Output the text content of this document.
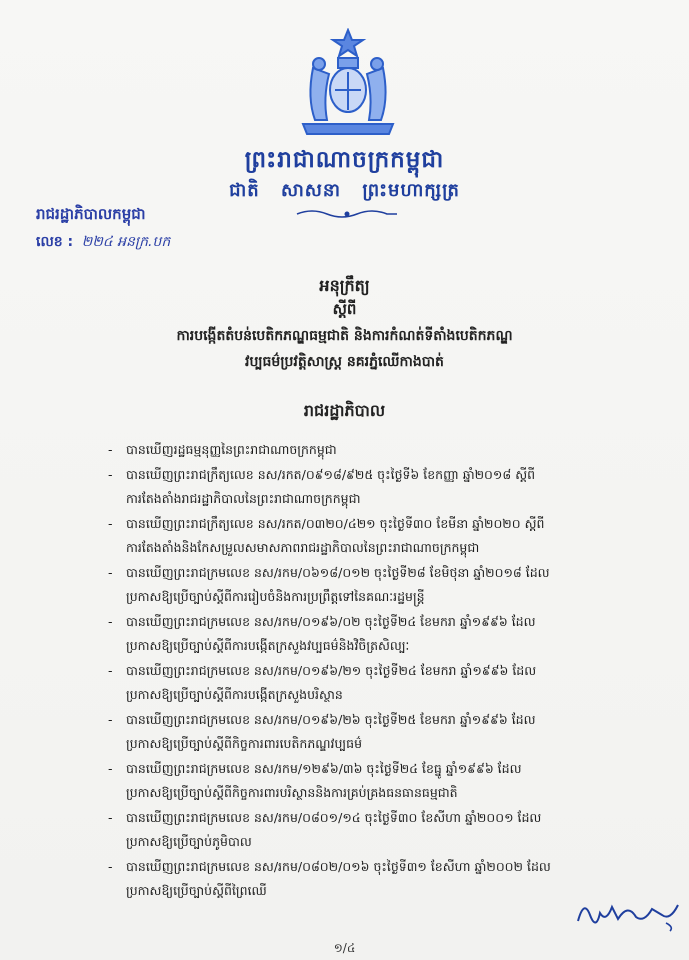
ព្រះរាជាណាចក្រកម្ពុជា
ជាតិ សាសនា ព្រះមហាក្សត្រ
រាជរដ្ឋាភិបាលកម្ពុជា
លេខ : ២២៤ អនក្រ.បក
អនុក្រឹត្យ
ស្តីពី
ការបង្កើតតំបន់បេតិកភណ្ឌធម្មជាតិ និងការកំណត់ទីតាំងបេតិកភណ្ឌ
វប្បធម៌ប្រវត្តិសាស្ត្រ នគរភ្នំឈើកាងបាត់
រាជរដ្ឋាភិបាល
- បានឃើញរដ្ឋធម្មនុញ្ញនៃព្រះរាជាណាចក្រកម្ពុជា
- បានឃើញព្រះរាជក្រឹត្យលេខ នស/រកត/០៩១៨/៩២៥ ចុះថ្ងៃទី៦ ខែកញ្ញា ឆ្នាំ២០១៨ ស្តីពី
ការតែងតាំងរាជរដ្ឋាភិបាលនៃព្រះរាជាណាចក្រកម្ពុជា
- បានឃើញព្រះរាជក្រឹត្យលេខ នស/រកត/០៣២០/៤២១ ចុះថ្ងៃទី៣០ ខែមីនា ឆ្នាំ២០២០ ស្តីពី
ការតែងតាំងនិងកែសម្រួលសមាសភាពរាជរដ្ឋាភិបាលនៃព្រះរាជាណាចក្រកម្ពុជា
- បានឃើញព្រះរាជក្រមលេខ នស/រកម/០៦១៨/០១២ ចុះថ្ងៃទី២៨ ខែមិថុនា ឆ្នាំ២០១៨ ដែល
ប្រកាសឱ្យប្រើច្បាប់ស្តីពីការរៀបចំនិងការប្រព្រឹត្តទៅនៃគណៈរដ្ឋមន្ត្រី
- បានឃើញព្រះរាជក្រមលេខ នស/រកម/០១៩៦/០២ ចុះថ្ងៃទី២៤ ខែមករា ឆ្នាំ១៩៩៦ ដែល
ប្រកាសឱ្យប្រើច្បាប់ស្តីពីការបង្កើតក្រសួងវប្បធម៌និងវិចិត្រសិល្បៈ
- បានឃើញព្រះរាជក្រមលេខ នស/រកម/០១៩៦/២១ ចុះថ្ងៃទី២៤ ខែមករា ឆ្នាំ១៩៩៦ ដែល
ប្រកាសឱ្យប្រើច្បាប់ស្តីពីការបង្កើតក្រសួងបរិស្ថាន
- បានឃើញព្រះរាជក្រមលេខ នស/រកម/០១៩៦/២៦ ចុះថ្ងៃទី២៥ ខែមករា ឆ្នាំ១៩៩៦ ដែល
ប្រកាសឱ្យប្រើច្បាប់ស្តីពីកិច្ចការពារបេតិកភណ្ឌវប្បធម៌
- បានឃើញព្រះរាជក្រមលេខ នស/រកម/១២៩៦/៣៦ ចុះថ្ងៃទី២៤ ខែធ្នូ ឆ្នាំ១៩៩៦ ដែល
ប្រកាសឱ្យប្រើច្បាប់ស្តីពីកិច្ចការពារបរិស្ថាននិងការគ្រប់គ្រងធនធានធម្មជាតិ
- បានឃើញព្រះរាជក្រមលេខ នស/រកម/០៨០១/១៤ ចុះថ្ងៃទី៣០ ខែសីហា ឆ្នាំ២០០១ ដែល
ប្រកាសឱ្យប្រើច្បាប់ភូមិបាល
- បានឃើញព្រះរាជក្រមលេខ នស/រកម/០៨០២/០១៦ ចុះថ្ងៃទី៣១ ខែសីហា ឆ្នាំ២០០២ ដែល
ប្រកាសឱ្យប្រើច្បាប់ស្តីពីព្រៃឈើ
១/៤
